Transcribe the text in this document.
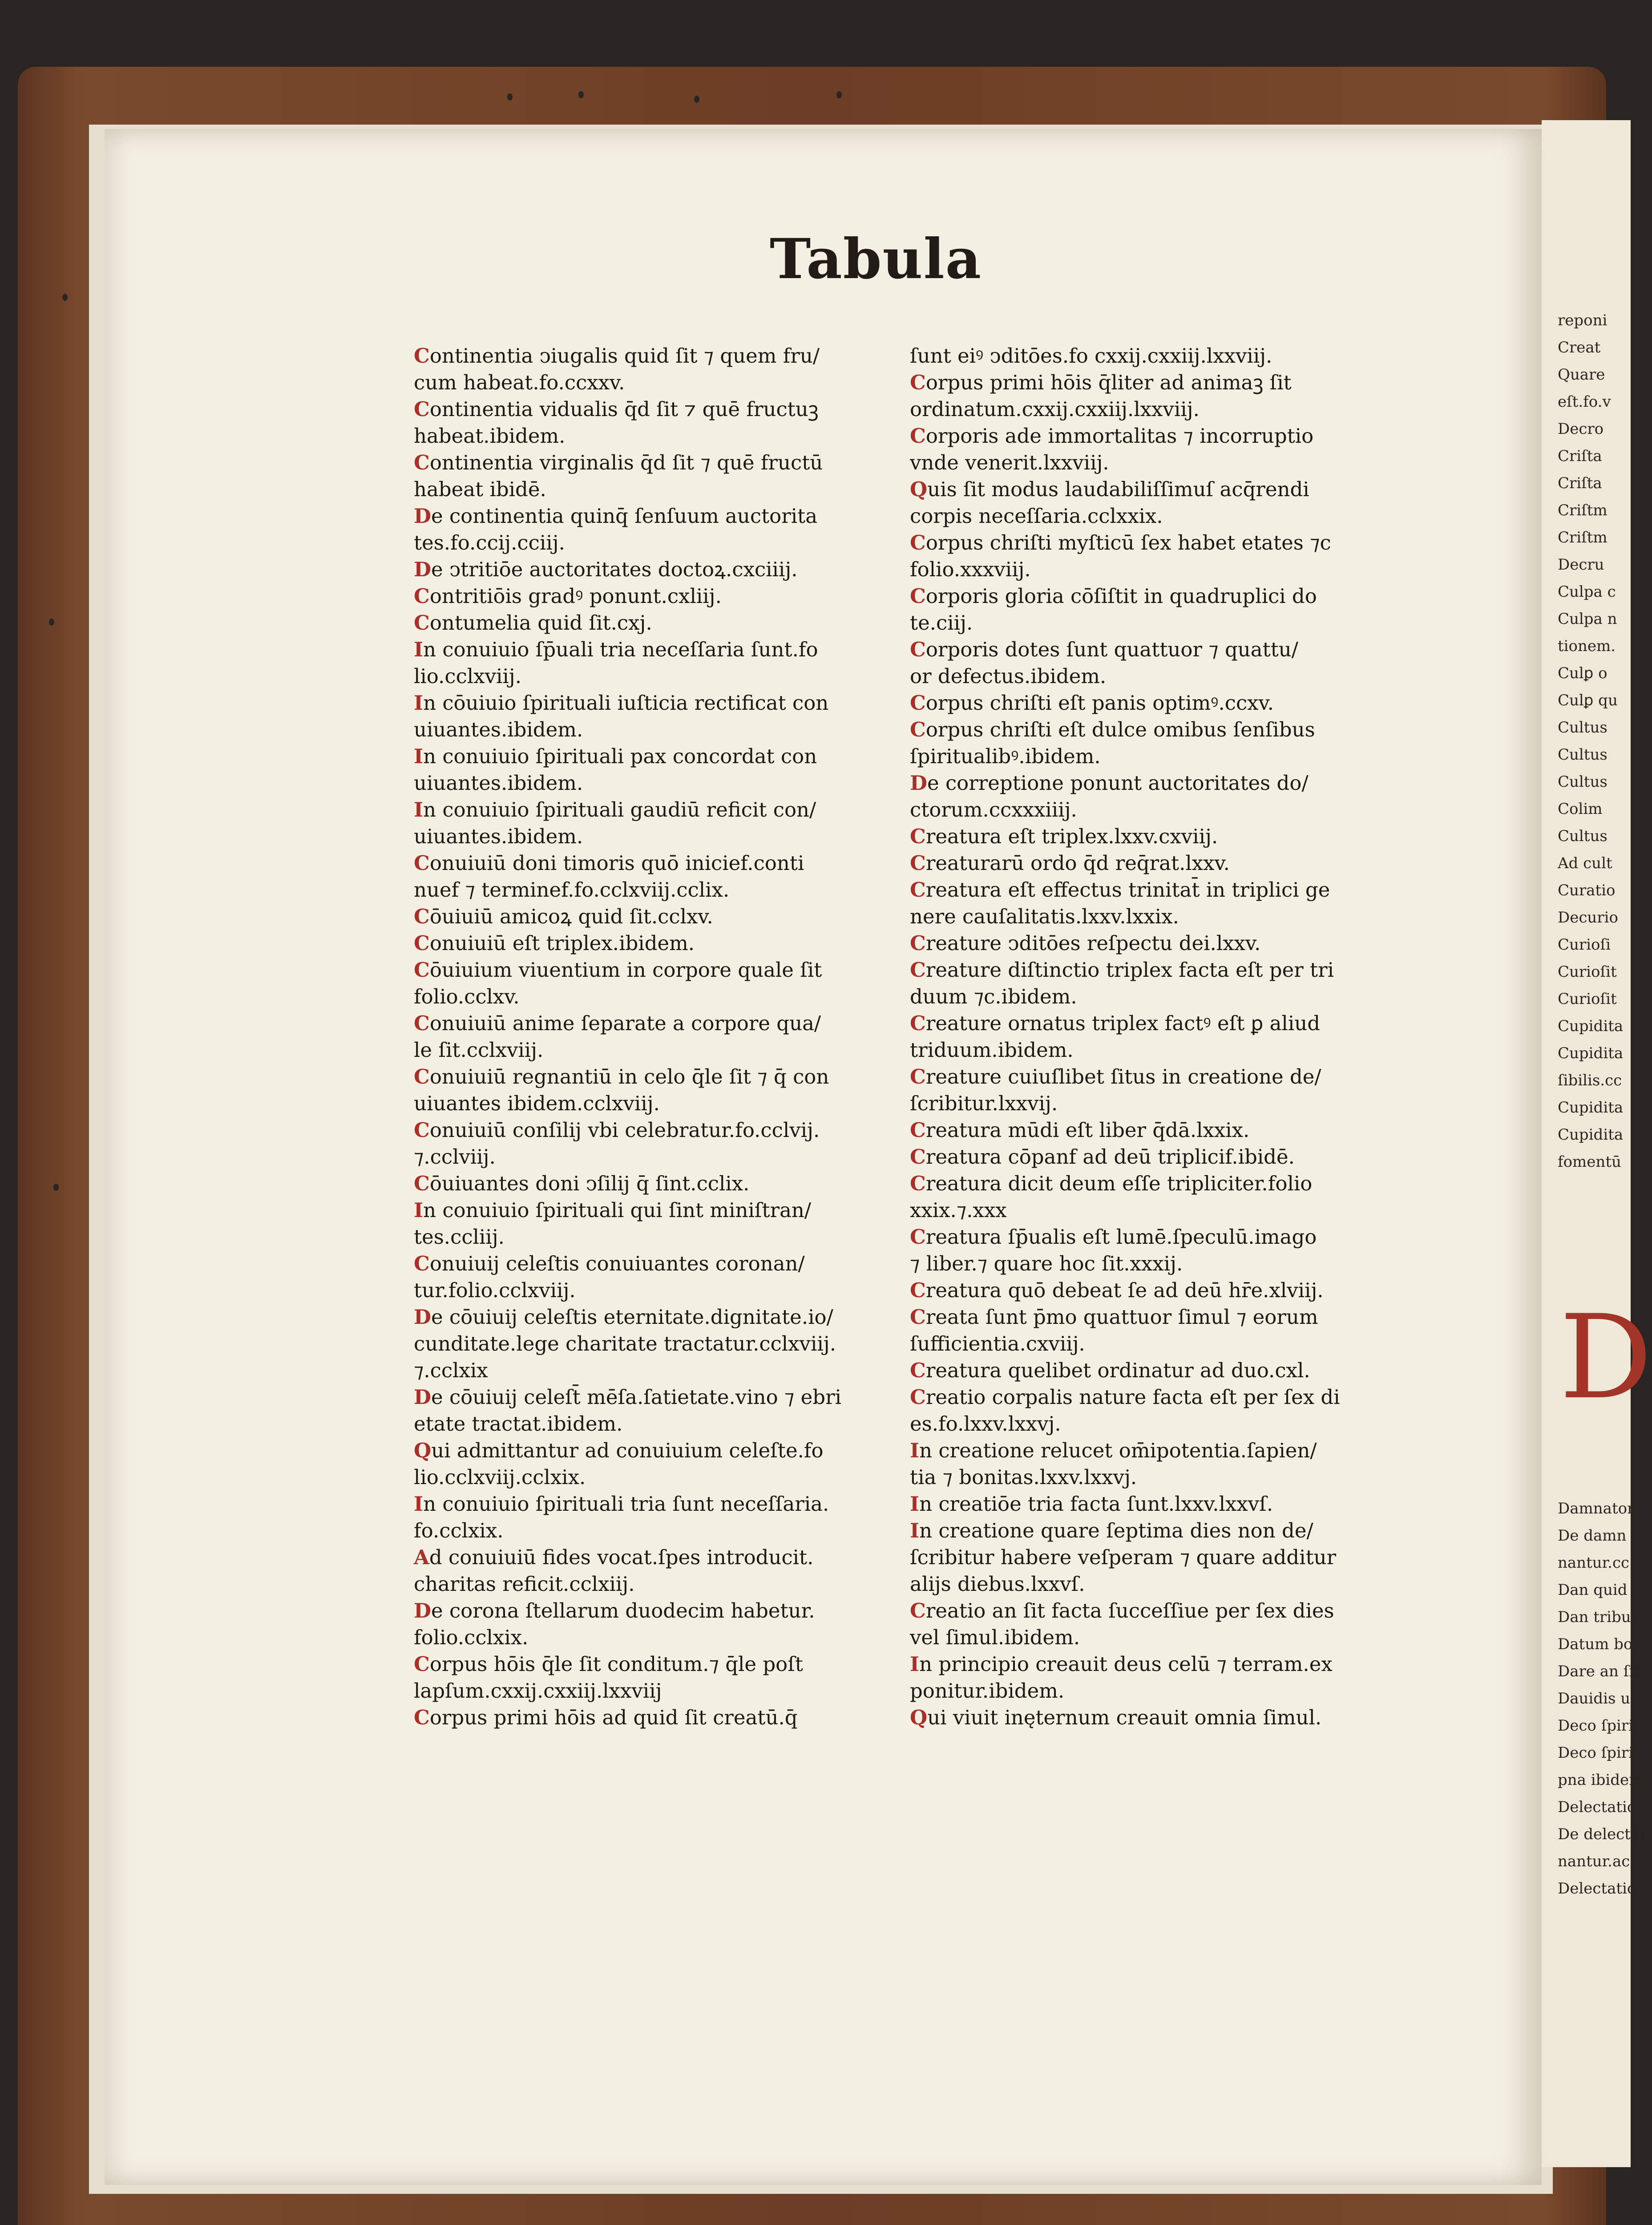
reponi
Creat
Quare
eſt.fo.v
Decro
Criſta
Criſta
Criſtm
Criſtm
Decru
Culpa c
Culpa n
tionem.
Culꝑ o
Culꝑ qu
Cultus
Cultus
Cultus
Colim
Cultus
Ad cult
Curatio
Decurio
Curioſi
Curioſit
Curioſit
Cupidita
Cupidita
ſibilis.cc
Cupidita
Cupidita
fomentū
D
Damnator
De damn
nantur.cc
Dan quid
Dan tribu
Datum bo
Dare an ſit
Dauidis u
Deco ſpiri
Deco ſpiri
pna ibidem
Delectatio
De delectat
nantur.ac
Delectatio
Tabula
Continentia ↄiugalis quid ſit ⁊ quem fru/
cum habeat.fo.ccxxv.
Continentia vidualis q̄d ſit ⁊ quē fructuꝫ
habeat.ibidem.
Continentia virginalis q̄d ſit ⁊ quē fructū
habeat ibidē.
De continentia quinq̄ ſenſuum auctorita
tes.fo.ccij.cciij.
De ↄtritiōe auctoritates doctoꝝ.cxciiij.
Contritiōis gradꝰ ponunt.cxliij.
Contumelia quid ſit.cxj.
In conuiuio ſp̄uali tria neceſſaria ſunt.fo
lio.cclxviij.
In cōuiuio ſpirituali iuſticia rectificat con
uiuantes.ibidem.
In conuiuio ſpirituali pax concordat con
uiuantes.ibidem.
In conuiuio ſpirituali gaudiū reficit con/
uiuantes.ibidem.
Conuiuiū doni timoris quō inicief.conti
nuef ⁊ terminef.fo.cclxviij.cclix.
Cōuiuiū amicoꝝ quid ſit.cclxv.
Conuiuiū eſt triplex.ibidem.
Cōuiuium viuentium in corpore quale ſit
folio.cclxv.
Conuiuiū anime ſeparate a corpore qua/
le ſit.cclxviij.
Conuiuiū regnantiū in celo q̄le ſit ⁊ q̄ con
uiuantes ibidem.cclxviij.
Conuiuiū conſilij vbi celebratur.fo.cclvij.
⁊.cclviij.
Cōuiuantes doni ↄſilij q̄ ſint.cclix.
In conuiuio ſpirituali qui ſint miniſtran/
tes.ccliij.
Conuiuij celeſtis conuiuantes coronan/
tur.folio.cclxviij.
De cōuiuij celeſtis eternitate.dignitate.io/
cunditate.lege charitate tractatur.cclxviij.
⁊.cclxix
De cōuiuij celeſt̄ mēſa.ſatietate.vino ⁊ ebri
etate tractat.ibidem.
Qui admittantur ad conuiuium celeſte.fo
lio.cclxviij.cclxix.
In conuiuio ſpirituali tria ſunt neceſſaria.
fo.cclxix.
Ad conuiuiū fides vocat.ſpes introducit.
charitas reficit.cclxiij.
De corona ſtellarum duodecim habetur.
folio.cclxix.
Corpus hōis q̄le ſit conditum.⁊ q̄le poſt
lapſum.cxxij.cxxiij.lxxviij
Corpus primi hōis ad quid ſit creatū.q̄
ſunt eiꝰ ↄditōes.fo cxxij.cxxiij.lxxviij.
Corpus primi hōis q̄liter ad animaꝫ ſit
ordinatum.cxxij.cxxiij.lxxviij.
Corporis ade immortalitas ⁊ incorruptio
vnde venerit.lxxviij.
Quis ſit modus laudabiliſſimuſ acq̄rendi
corpis neceſſaria.cclxxix.
Corpus chriſti myſticū ſex habet etates ⁊c
folio.xxxviij.
Corporis gloria cōſiſtit in quadruplici do
te.ciij.
Corporis dotes ſunt quattuor ⁊ quattu/
or defectus.ibidem.
Corpus chriſti eſt panis optimꝰ.ccxv.
Corpus chriſti eſt dulce omibus ſenſibus
ſpiritualibꝰ.ibidem.
De correptione ponunt auctoritates do/
ctorum.ccxxxiiij.
Creatura eſt triplex.lxxv.cxviij.
Creaturarū ordo q̄d req̄rat.lxxv.
Creatura eſt effectus trinitat̄ in triplici ge
nere cauſalitatis.lxxv.lxxix.
Creature ↄditōes reſpectu dei.lxxv.
Creature diſtinctio triplex facta eſt per tri
duum ⁊c.ibidem.
Creature ornatus triplex factꝰ eſt ꝑ aliud
triduum.ibidem.
Creature cuiuſlibet ſitus in creatione de/
ſcribitur.lxxvij.
Creatura mūdi eſt liber q̄dā.lxxix.
Creatura cōpanf ad deū triplicif.ibidē.
Creatura dicit deum eſſe tripliciter.folio
xxix.⁊.xxx
Creatura ſp̄ualis eſt lumē.ſpeculū.imago
⁊ liber.⁊ quare hoc ſit.xxxij.
Creatura quō debeat ſe ad deū hr̄e.xlviij.
Creata ſunt p̄mo quattuor ſimul ⁊ eorum
ſufficientia.cxviij.
Creatura quelibet ordinatur ad duo.cxl.
Creatio corpalis nature facta eſt per ſex di
es.fo.lxxv.lxxvj.
In creatione relucet om̄ipotentia.ſapien/
tia ⁊ bonitas.lxxv.lxxvj.
In creatiōe tria facta ſunt.lxxv.lxxvſ.
In creatione quare ſeptima dies non de/
ſcribitur habere veſperam ⁊ quare additur
alijs diebus.lxxvſ.
Creatio an ſit facta ſucceſſiue per ſex dies
vel ſimul.ibidem.
In principio creauit deus celū ⁊ terram.ex
ponitur.ibidem.
Qui viuit inęternum creauit omnia ſimul.
